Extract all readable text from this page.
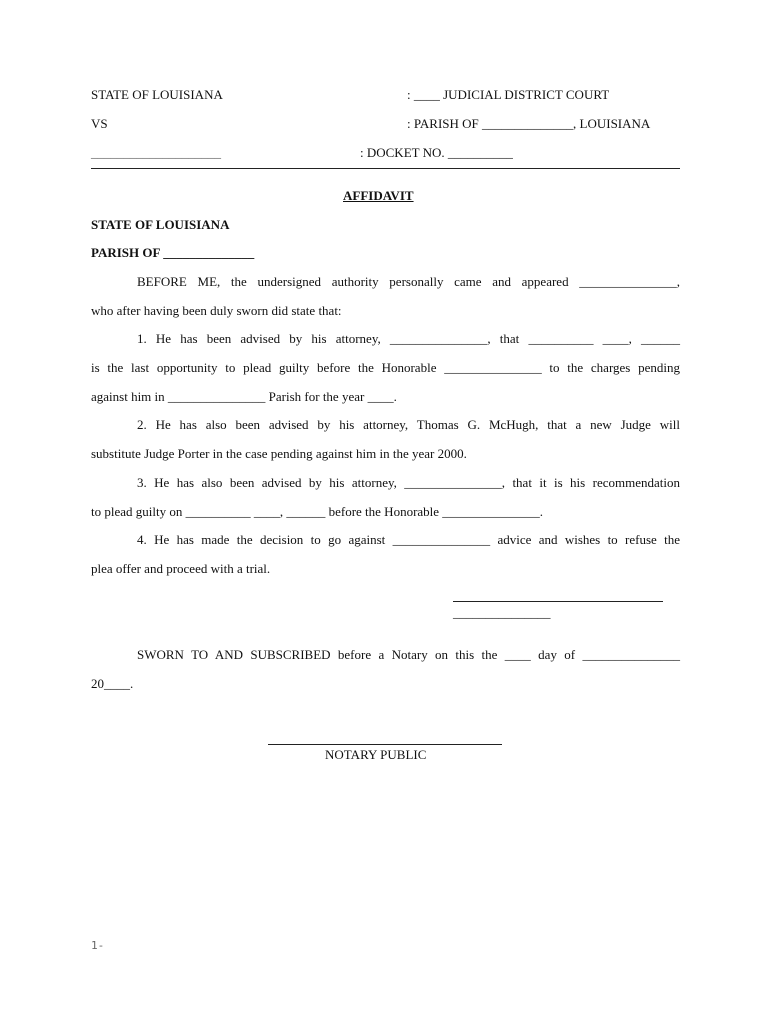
STATE OF LOUISIANA	: ____ JUDICIAL DISTRICT COURT
VS	: PARISH OF ______________, LOUISIANA
____________________	: DOCKET NO. __________
AFFIDAVIT
STATE OF LOUISIANA
PARISH OF ______________
BEFORE ME, the undersigned authority personally came and appeared _______________,
who after having been duly sworn did state that:
1. He has been advised by his attorney, _______________, that __________ ____, ______
is the last opportunity to plead guilty before the Honorable _______________ to the charges pending
against him in _______________ Parish for the year ____.
2. He has also been advised by his attorney, Thomas G. McHugh, that a new Judge will
substitute Judge Porter in the case pending against him in the year 2000.
3. He has also been advised by his attorney, _______________, that it is his recommendation
to plead guilty on __________ ____, ______ before the Honorable _______________.
4. He has made the decision to go against _______________ advice and wishes to refuse the
plea offer and proceed with a trial.
_______________
SWORN TO AND SUBSCRIBED before a Notary on this the ____ day of _______________
20____.
NOTARY PUBLIC
1-
